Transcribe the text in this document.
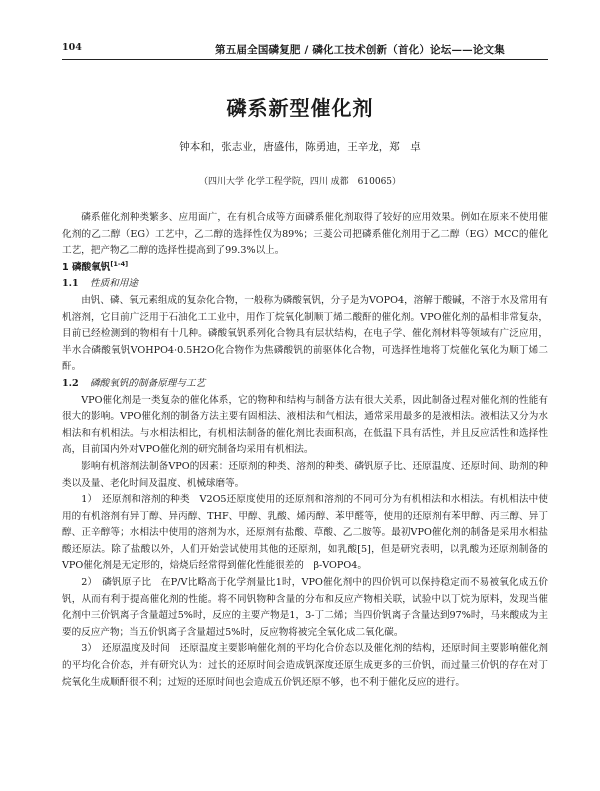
104	第五届全国磷复肥 / 磷化工技术创新（首化）论坛——论文集
磷系新型催化剂
钟本和，张志业，唐盛伟，陈勇迪，王辛龙，郑　卓
（四川大学 化学工程学院，四川 成都　610065）

磷系催化剂种类繁多、应用面广，在有机合成等方面磷系催化剂取得了较好的应用效果。例如在原来不使用催化剂的乙二醇（EG）工艺中，乙二醇的选择性仅为89%；三菱公司把磷系催化剂用于乙二醇（EG）MCC的催化工艺，把产物乙二醇的选择性提高到了99.3%以上。

1 磷酸氧钒[1-4]
1.1 性质和用途

由钒、磷、氧元素组成的复杂化合物，一般称为磷酸氧钒，分子是为VOPO4，溶解于酸碱，不溶于水及常用有机溶剂，它目前广泛用于石油化工工业中，用作丁烷氧化制顺丁烯二酸酐的催化剂。VPO催化剂的晶相非常复杂，目前已经检测到的物相有十几种。磷酸氧钒系列化合物具有层状结构，在电子学、催化剂材料等领域有广泛应用，半水合磷酸氧钒VOHPO4·0.5H2O化合物作为焦磷酸钒的前驱体化合物，可选择性地将丁烷催化氧化为顺丁烯二酐。

1.2 磷酸氧钒的制备原理与工艺

VPO催化剂是一类复杂的催化体系，它的物种和结构与制备方法有很大关系，因此制备过程对催化剂的性能有很大的影响。VPO催化剂的制备方法主要有固相法、液相法和气相法，通常采用最多的是液相法。液相法又分为水相法和有机相法。与水相法相比，有机相法制备的催化剂比表面积高，在低温下具有活性，并且反应活性和选择性高，目前国内外对VPO催化剂的研究制备均采用有机相法。

影响有机溶剂法制备VPO的因素：还原剂的种类、溶剂的种类、磷钒原子比、还原温度、还原时间、助剂的种类以及量、老化时间及温度、机械球磨等。

1）　还原剂和溶剂的种类　V2O5还原度使用的还原剂和溶剂的不同可分为有机相法和水相法。有机相法中使用的有机溶剂有异丁醇、异丙醇、THF、甲醇、乳酸、烯丙醇、苯甲醛等，使用的还原剂有苯甲醇、丙三醇、异丁醇、正辛醇等；水相法中使用的溶剂为水，还原剂有盐酸、草酸、乙二胺等。最初VPO催化剂的制备是采用水相盐酸还原法。除了盐酸以外，人们开始尝试使用其他的还原剂，如乳酸[5]，但是研究表明，以乳酸为还原剂制备的VPO催化剂是无定形的，焙烧后经常得到催化性能很差的　β-VOPO4。

2）　磷钒原子比　在P/V比略高于化学剂量比1时，VPO催化剂中的四价钒可以保持稳定而不易被氧化成五价钒，从而有利于提高催化剂的性能。将不同钒物种含量的分布和反应产物相关联，试验中以丁烷为原料，发现当催化剂中三价钒离子含量超过5%时，反应的主要产物是1，3-丁二烯；当四价钒离子含量达到97%时，马来酸成为主要的反应产物；当五价钒离子含量超过5%时，反应物将被完全氧化成二氧化碳。

3）　还原温度及时间　还原温度主要影响催化剂的平均化合价态以及催化剂的结构，还原时间主要影响催化剂的平均化合价态，并有研究认为：过长的还原时间会造成钒深度还原生成更多的三价钒，而过量三价钒的存在对丁烷氧化生成顺酐很不利；过短的还原时间也会造成五价钒还原不够，也不利于催化反应的进行。
